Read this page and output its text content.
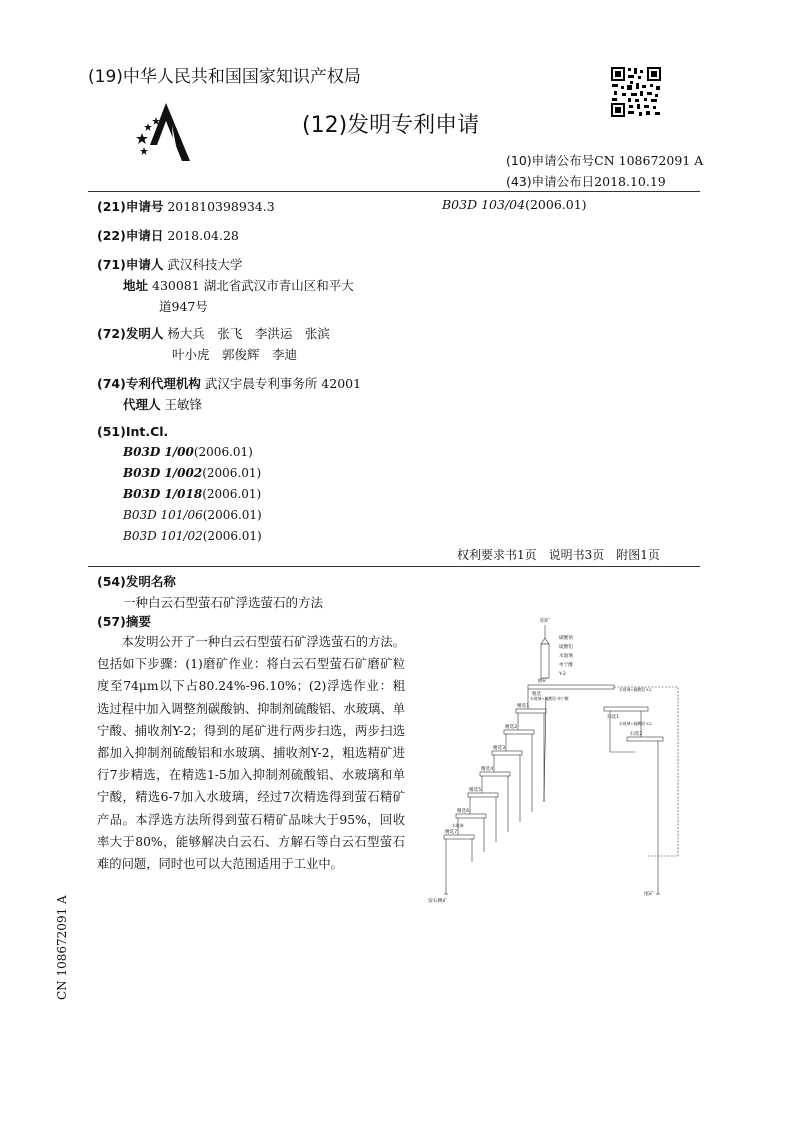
(19)中华人民共和国国家知识产权局
(12)发明专利申请
(10)申请公布号CN 108672091 A
(43)申请公布日2018.10.19
(21)申请号 201810398934.3	B03D 103/04(2006.01)
(22)申请日 2018.04.28
(71)申请人 武汉科技大学
地址 430081 湖北省武汉市青山区和平大
道947号
(72)发明人 杨大兵　张飞　李洪运　张滨
叶小虎　郭俊辉　李迪
(74)专利代理机构 武汉宇晨专利事务所 42001
代理人 王敏锋
(51)Int.Cl.
B03D 1/00(2006.01)
B03D 1/002(2006.01)
B03D 1/018(2006.01)
B03D 101/06(2006.01)
B03D 101/02(2006.01)
权利要求书1页　说明书3页　附图1页
(54)发明名称
一种白云石型萤石矿浮选萤石的方法
(57)摘要
本发明公开了一种白云石型萤石矿浮选萤石的方法。包括如下步骤：(1)磨矿作业：将白云石型萤石矿磨矿粒度至74μm以下占80.24%-96.10%；(2)浮选作业：粗选过程中加入调整剂碳酸钠、抑制剂硫酸铝、水玻璃、单宁酸、捕收剂Y-2；得到的尾矿进行两步扫选，两步扫选都加入抑制剂硫酸铝和水玻璃、捕收剂Y-2，粗选精矿进行7步精选，在精选1-5加入抑制剂硫酸铝、水玻璃和单宁酸，精选6-7加入水玻璃，经过7次精选得到萤石精矿产品。本浮选方法所得到萤石精矿品味大于95%，回收率大于80%，能够解决白云石、方解石等白云石型萤石难的问题，同时也可以大范围适用于工业中。
原矿
磨矿
碳酸钠
硫酸铝
水玻璃
单宁酸
Y-2
粗选
水玻璃+硫酸铝 单宁酸
水玻璃+硫酸铝 Y-2
扫选1
水玻璃+硫酸铝 Y-2
扫选2
尾矿
精选1
精选2
精选3
精选4
精选5
精选6
精选7
水玻璃
萤石精矿
CN 108672091 A
